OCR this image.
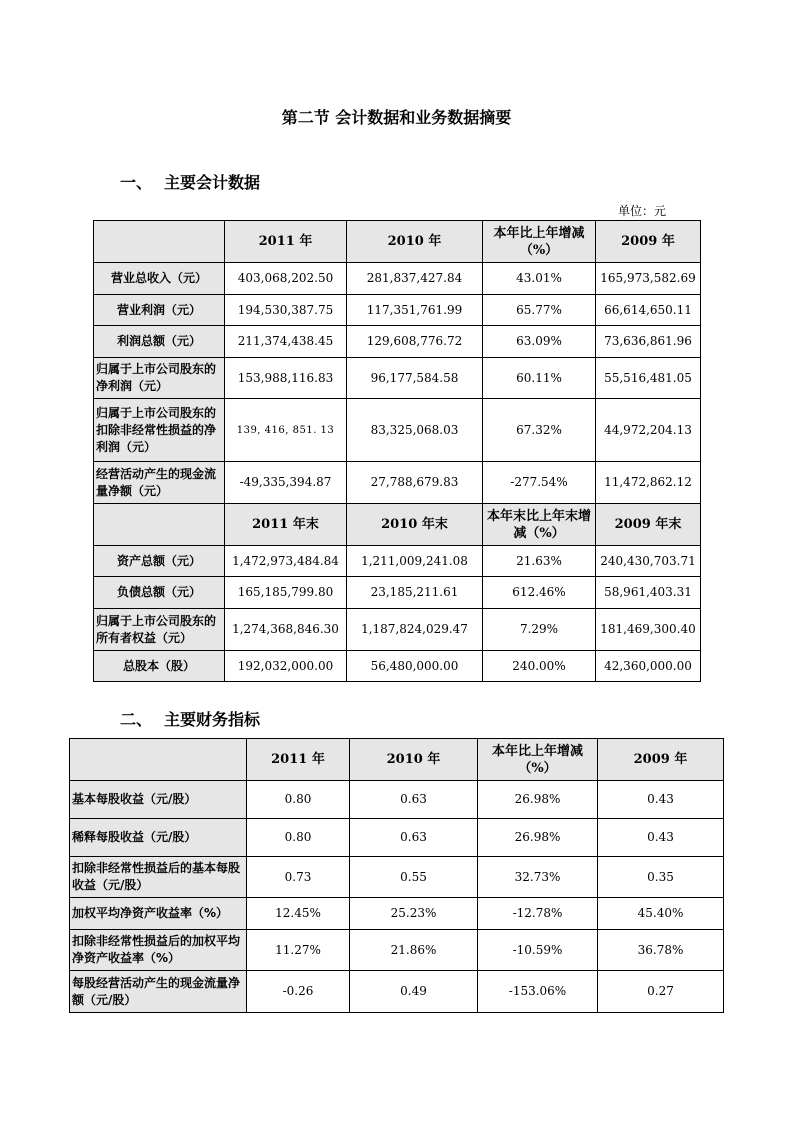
第二节 会计数据和业务数据摘要
一、 主要会计数据
单位：元
	2011 年	2010 年	本年比上年增减（%）	2009 年
营业总收入（元）	403,068,202.50	281,837,427.84	43.01%	165,973,582.69
营业利润（元）	194,530,387.75	117,351,761.99	65.77%	66,614,650.11
利润总额（元）	211,374,438.45	129,608,776.72	63.09%	73,636,861.96
归属于上市公司股东的净利润（元）	153,988,116.83	96,177,584.58	60.11%	55,516,481.05
归属于上市公司股东的扣除非经常性损益的净利润（元）	139, 416, 851. 13	83,325,068.03	67.32%	44,972,204.13
经营活动产生的现金流量净额（元）	-49,335,394.87	27,788,679.83	-277.54%	11,472,862.12
	2011 年末	2010 年末	本年末比上年末增减（%）	2009 年末
资产总额（元）	1,472,973,484.84	1,211,009,241.08	21.63%	240,430,703.71
负债总额（元）	165,185,799.80	23,185,211.61	612.46%	58,961,403.31
归属于上市公司股东的所有者权益（元）	1,274,368,846.30	1,187,824,029.47	7.29%	181,469,300.40
总股本（股）	192,032,000.00	56,480,000.00	240.00%	42,360,000.00
二、 主要财务指标
	2011 年	2010 年	本年比上年增减（%）	2009 年
基本每股收益（元/股）	0.80	0.63	26.98%	0.43
稀释每股收益（元/股）	0.80	0.63	26.98%	0.43
扣除非经常性损益后的基本每股收益（元/股）	0.73	0.55	32.73%	0.35
加权平均净资产收益率（%）	12.45%	25.23%	-12.78%	45.40%
扣除非经常性损益后的加权平均净资产收益率（%）	11.27%	21.86%	-10.59%	36.78%
每股经营活动产生的现金流量净额（元/股）	-0.26	0.49	-153.06%	0.27
